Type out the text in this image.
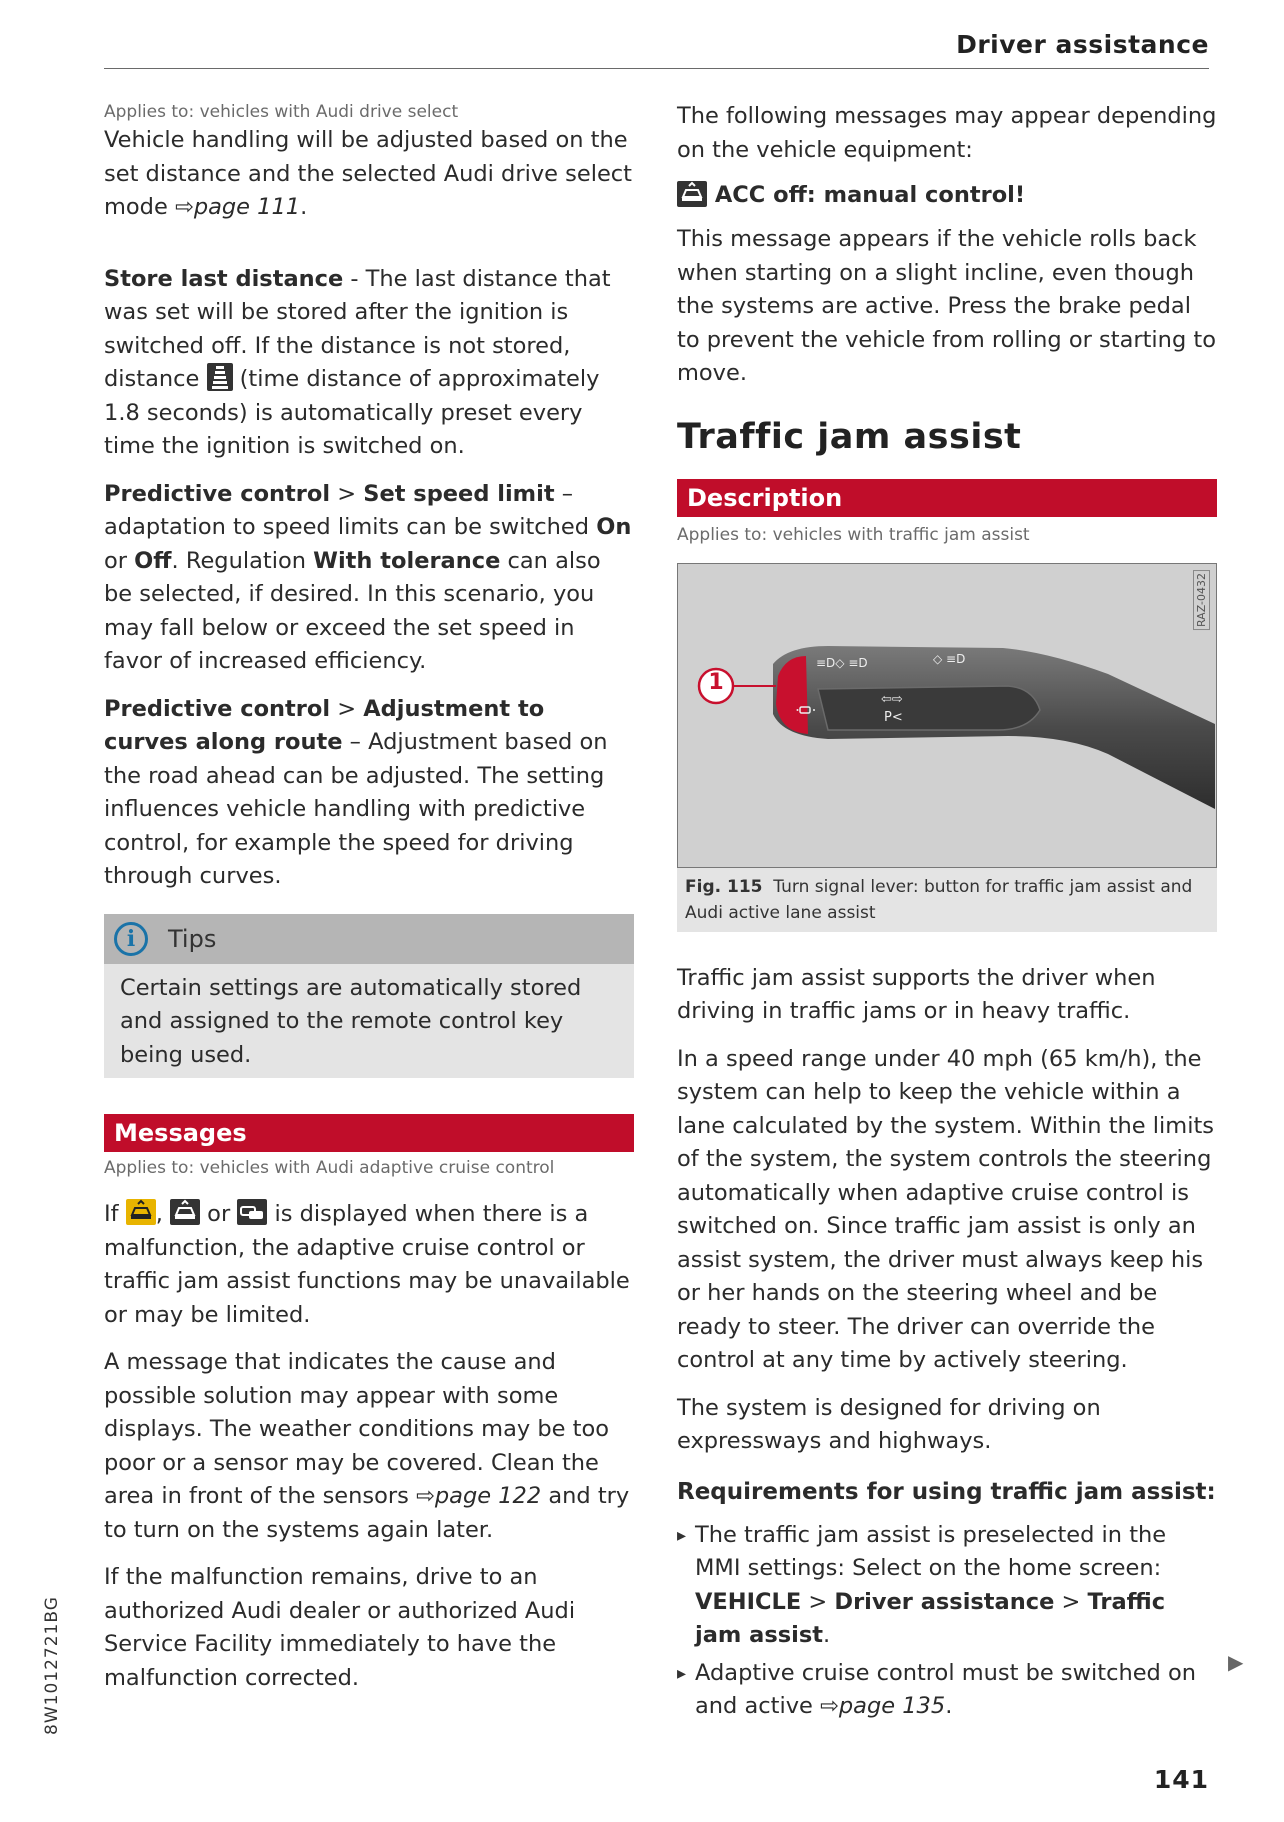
Driver assistance

Applies to: vehicles with Audi drive select

Vehicle handling will be adjusted based on the set distance and the selected Audi drive select mode ⇨page 111.

Store last distance - The last distance that was set will be stored after the ignition is switched off. If the distance is not stored, distance
(time distance of approximately 1.8 seconds) is automatically preset every time the ignition is switched on.

Predictive control > Set speed limit – adaptation to speed limits can be switched On or Off. Regulation With tolerance can also be selected, if desired. In this scenario, you may fall below or exceed the set speed in favor of increased efficiency.

Predictive control > Adjustment to curves along route – Adjustment based on the road ahead can be adjusted. The setting influences vehicle handling with predictive control, for example the speed for driving through curves.

i	Tips

Certain settings are automatically stored and assigned to the remote control key being used.

Messages

Applies to: vehicles with Audi adaptive cruise control

If
,
or
is displayed when there is a malfunction, the adaptive cruise control or traffic jam assist functions may be unavailable or may be limited.

A message that indicates the cause and possible solution may appear with some displays. The weather conditions may be too poor or a sensor may be covered. Clean the area in front of the sensors ⇨page 122 and try to turn on the systems again later.

If the malfunction remains, drive to an authorized Audi dealer or authorized Audi Service Facility immediately to have the malfunction corrected.

The following messages may appear depending on the vehicle equipment:

ACC off: manual control!

This message appears if the vehicle rolls back when starting on a slight incline, even though the systems are active. Press the brake pedal to prevent the vehicle from rolling or starting to move.

Traffic jam assist
Description

Applies to: vehicles with traffic jam assist

RAZ-0432
1
≡D◇ ≡D	◇ ≡D
⇦⇨
P<
Fig. 115 Turn signal lever: button for traffic jam assist and Audi active lane assist

Traffic jam assist supports the driver when driving in traffic jams or in heavy traffic.

In a speed range under 40 mph (65 km/h), the system can help to keep the vehicle within a lane calculated by the system. Within the limits of the system, the system controls the steering automatically when adaptive cruise control is switched on. Since traffic jam assist is only an assist system, the driver must always keep his or her hands on the steering wheel and be ready to steer. The driver can override the control at any time by actively steering.

The system is designed for driving on expressways and highways.

Requirements for using traffic jam assist:

▸ The traffic jam assist is preselected in the MMI settings: Select on the home screen: VEHICLE > Driver assistance > Traffic jam assist.

▸ Adaptive cruise control must be switched on and active ⇨page 135.

▶
141
8W1012721BG
